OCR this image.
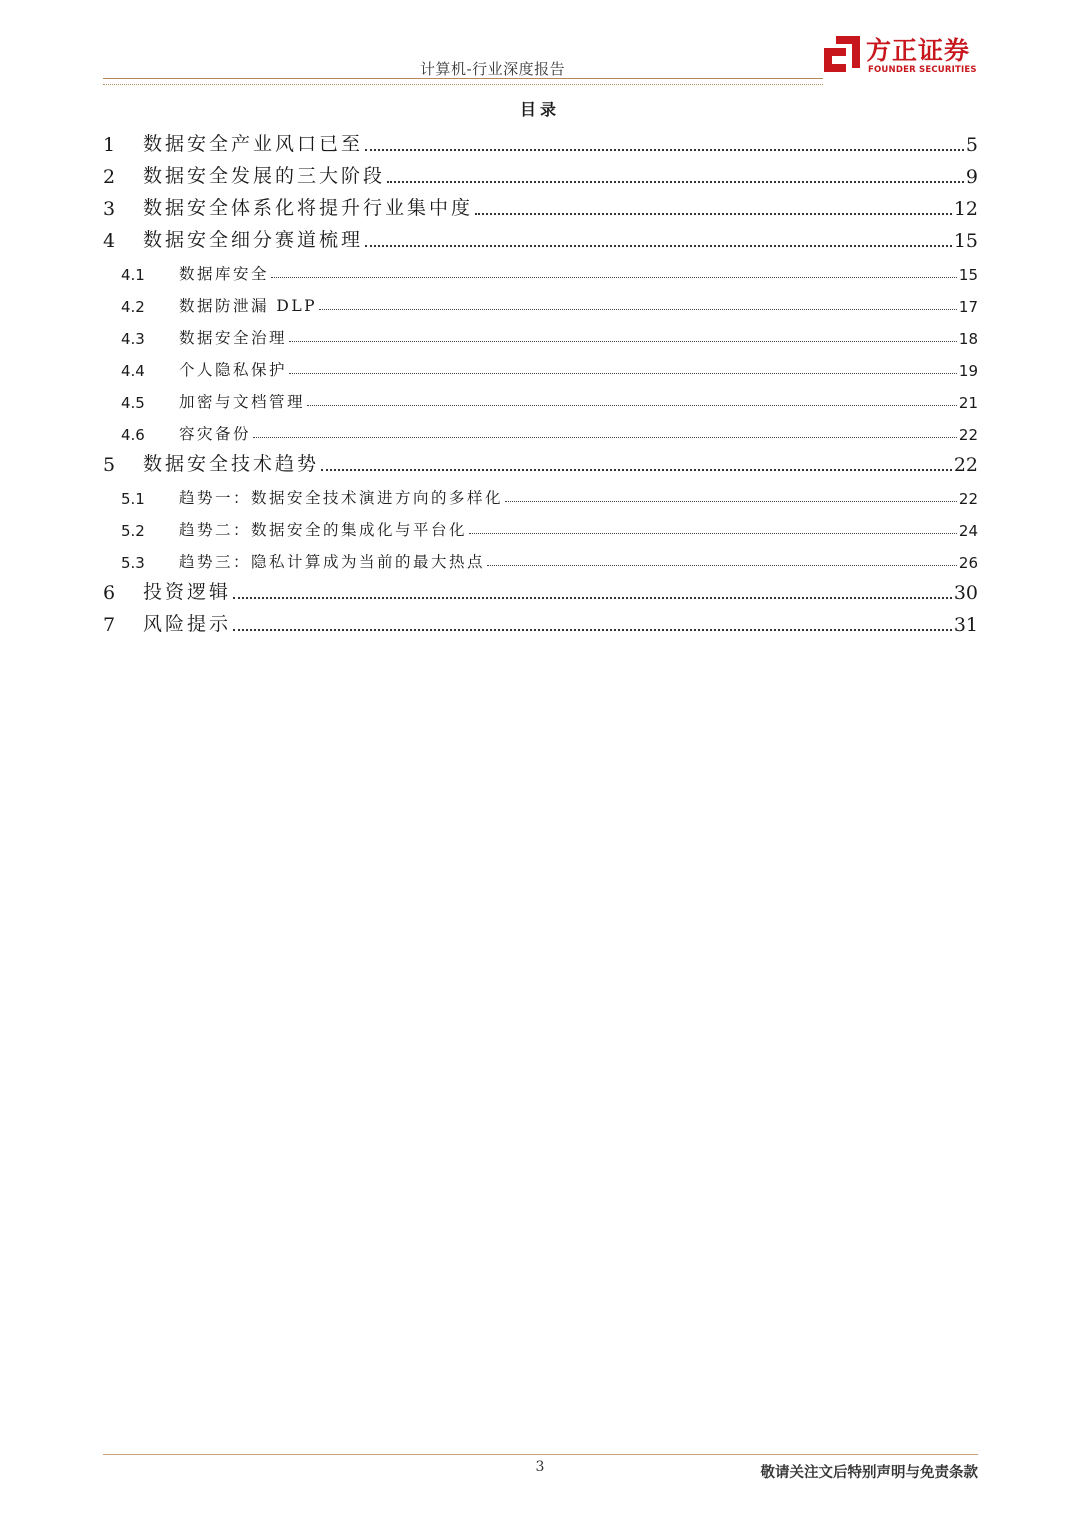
计算机-行业深度报告
方正证券
FOUNDER SECURITIES
目录
1	数据安全产业风口已至	5
2	数据安全发展的三大阶段	9
3	数据安全体系化将提升行业集中度	12
4	数据安全细分赛道梳理	15
4.1	数据库安全	15
4.2	数据防泄漏 DLP	17
4.3	数据安全治理	18
4.4	个人隐私保护	19
4.5	加密与文档管理	21
4.6	容灾备份	22
5	数据安全技术趋势	22
5.1	趋势一：数据安全技术演进方向的多样化	22
5.2	趋势二：数据安全的集成化与平台化	24
5.3	趋势三：隐私计算成为当前的最大热点	26
6	投资逻辑	30
7	风险提示	31
3	敬请关注文后特别声明与免责条款
